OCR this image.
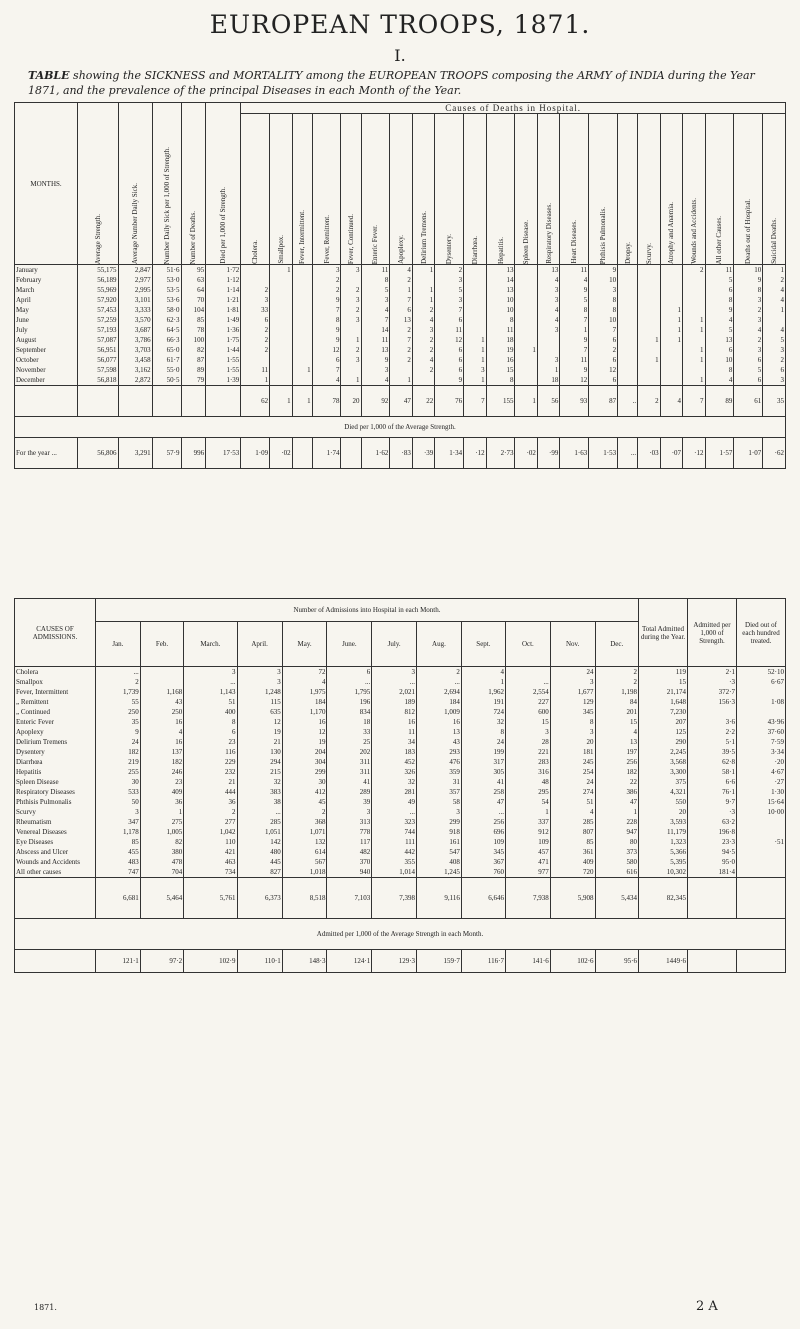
EUROPEAN TROOPS, 1871.
I.
TABLE showing the SICKNESS and MORTALITY among the EUROPEAN TROOPS composing the ARMY of INDIA during the Year 1871, and the prevalence of the principal Diseases in each Month of the Year.
MONTHS.	Average Strength.	Average Number Daily Sick.	Number Daily Sick per 1,000 of Strength.	Number of Deaths.	Died per 1,000 of Strength.	Causes of Deaths in Hospital.																					

						Cholera.	Smallpox.	Fever, Intermittent.	Fever, Remittent.	Fever, Continued.	Enteric Fever.	Apoplexy.	Delirium Tremens.	Dysentery.	Diarrhœa.	Hepatitis.	Spleen Disease.	Respiratory Diseases.	Heart Diseases.	Phthisis Pulmonalis.	Dropsy.	Scurvy.	Atrophy and Anæmia.	Wounds and Accidents.	All other Causes.	Deaths out of Hospital.	Suicidal Deaths.

January	55,175	2,847	51·6	95	1·72		1		3	3	11	4	1	2		13		13	11	9				2	11	10	1
February	56,189	2,977	53·0	63	1·12				2		8	2		3		14		4	4	10					5	9	2
March	55,969	2,995	53·5	64	1·14	2			2	2	5	1	1	5		13		3	9	3					6	8	4
April	57,920	3,101	53·6	70	1·21	3			9	3	3	7	1	3		10		3	5	8					8	3	4
May	57,453	3,333	58·0	104	1·81	33			7	2	4	6	2	7		10		4	8	8			1		9	2	1
June	57,259	3,570	62·3	85	1·49	6			8	3	7	13	4	6		8		4	7	10			1	1	4	3	
July	57,193	3,687	64·5	78	1·36	2			9		14	2	3	11		11		3	1	7			1	1	5	4	4
August	57,087	3,786	66·3	100	1·75	2			9	1	11	7	2	12	1	18			9	6		1	1		13	2	5
September	56,951	3,703	65·0	82	1·44	2			12	2	13	2	2	6	1	19	1		7	2				1	6	3	3
October	56,077	3,458	61·7	87	1·55				6	3	9	2	4	6	1	16		3	11	6		1		1	10	6	2
November	57,598	3,162	55·0	89	1·55	11		1	7		3		2	6	3	15		1	9	12					8	5	6
December	56,818	2,872	50·5	79	1·39	1			4	1	4	1		9	1	8		18	12	6				1	4	6	3
						62	1	1	78	20	92	47	22	76	7	155	1	56	93	87	..	2	4	7	89	61	35
Died per 1,000 of the Average Strength.																											
For the year ...	56,806	3,291	57·9	996	17·53	1·09	·02		1·74		1·62	·83	·39	1·34	·12	2·73	·02	·99	1·63	1·53	...	·03	·07	·12	1·57	1·07	·62
CAUSES OF ADMISSIONS.	Number of Admissions into Hospital in each Month.												Total Admitted during the Year.	Admitted per 1,000 of Strength.	Died out of each hundred treated.
	Jan.	Feb.	March.	April.	May.	June.	July.	Aug.	Sept.	Oct.	Nov.	Dec.			
Cholera	...		3	3	72	6	3	2	4		24	2	119	2·1	52·10
Smallpox	2		...	3	4	...	...	...	1	...	3	2	15	·3	6·67
Fever, Intermittent	1,739	1,168	1,143	1,248	1,975	1,795	2,021	2,694	1,962	2,554	1,677	1,198	21,174	372·7	
„ Remittent	55	43	51	115	184	196	189	184	191	227	129	84	1,648	156·3	1·08
„ Continued	250	250	400	635	1,170	834	812	1,009	724	600	345	201	7,230		
Enteric Fever	35	16	8	12	16	18	16	16	32	15	8	15	207	3·6	43·96
Apoplexy	9	4	6	19	12	33	11	13	8	3	3	4	125	2·2	37·60
Delirium Tremens	24	16	23	21	19	25	34	43	24	28	20	13	290	5·1	7·59
Dysentery	182	137	116	130	204	202	183	293	199	221	181	197	2,245	39·5	3·34
Diarrhœa	219	182	229	294	304	311	452	476	317	283	245	256	3,568	62·8	·20
Hepatitis	255	246	232	215	299	311	326	359	305	316	254	182	3,300	58·1	4·67
Spleen Disease	30	23	21	32	30	41	32	31	41	48	24	22	375	6·6	·27
Respiratory Diseases	533	409	444	383	412	289	281	357	258	295	274	386	4,321	76·1	1·30
Phthisis Pulmonalis	50	36	36	38	45	39	49	58	47	54	51	47	550	9·7	15·64
Scurvy	3	1	2	...	2	3	...	3	...	1	4	1	20	·3	10·00
Rheumatism	347	275	277	285	368	313	323	299	256	337	285	228	3,593	63·2	
Venereal Diseases	1,178	1,005	1,042	1,051	1,071	778	744	918	696	912	807	947	11,179	196·8	
Eye Diseases	85	82	110	142	132	117	111	161	109	109	85	80	1,323	23·3	·51
Abscess and Ulcer	455	380	421	480	614	482	442	547	345	457	361	373	5,366	94·5	
Wounds and Accidents	483	478	463	445	567	370	355	408	367	471	409	580	5,395	95·0	
All other causes	747	704	734	827	1,018	940	1,014	1,245	760	977	720	616	10,302	181·4	
	6,681	5,464	5,761	6,373	8,518	7,103	7,398	9,116	6,646	7,938	5,908	5,434	82,345		
Admitted per 1,000 of the Average Strength in each Month.															
	121·1	97·2	102·9	110·1	148·3	124·1	129·3	159·7	116·7	141·6	102·6	95·6	1449·6		
1871.	2 A
